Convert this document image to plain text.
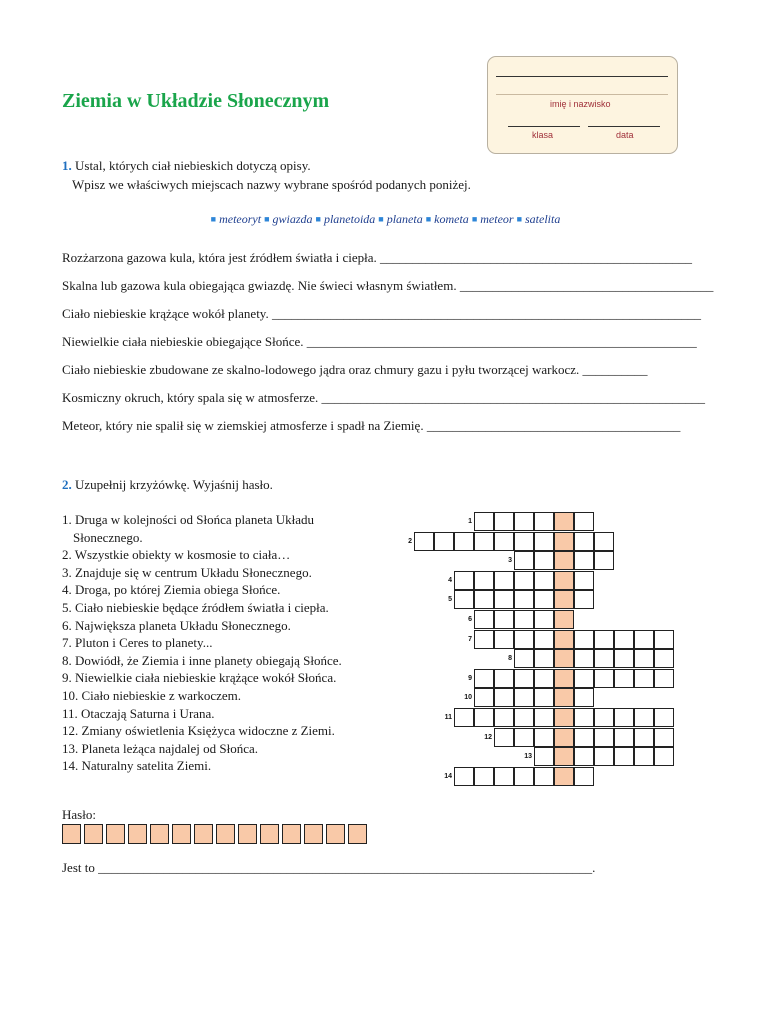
Ziemia w Układzie Słonecznym	imię i nazwisko
klasa	data
1. Ustal, których ciał niebieskich dotyczą opisy.
Wpisz we właściwych miejscach nazwy wybrane spośród podanych poniżej.
■ meteoryt ■ gwiazda ■ planetoida ■ planeta ■ kometa ■ meteor ■ satelita
Rozżarzona gazowa kula, która jest źródłem światła i ciepła. ________________________________________________
Skalna lub gazowa kula obiegająca gwiazdę. Nie świeci własnym światłem. _______________________________________
Ciało niebieskie krążące wokół planety. __________________________________________________________________
Niewielkie ciała niebieskie obiegające Słońce. ____________________________________________________________
Ciało niebieskie zbudowane ze skalno-lodowego jądra oraz chmury gazu i pyłu tworzącej warkocz. __________
Kosmiczny okruch, który spala się w atmosferze. ___________________________________________________________
Meteor, który nie spalił się w ziemskiej atmosferze i spadł na Ziemię. _______________________________________
2. Uzupełnij krzyżówkę. Wyjaśnij hasło.
1. Druga w kolejności od Słońca planeta Układu
Słonecznego.
2. Wszystkie obiekty w kosmosie to ciała…
3. Znajduje się w centrum Układu Słonecznego.
4. Droga, po której Ziemia obiega Słońce.
5. Ciało niebieskie będące źródłem światła i ciepła.
6. Największa planeta Układu Słonecznego.
7. Pluton i Ceres to planety...
8. Dowiódł, że Ziemia i inne planety obiegają Słońce.
9. Niewielkie ciała niebieskie krążące wokół Słońca.
10. Ciało niebieskie z warkoczem.
11. Otaczają Saturna i Urana.
12. Zmiany oświetlenia Księżyca widoczne z Ziemi.
13. Planeta leżąca najdalej od Słońca.
14. Naturalny satelita Ziemi.
1
2
3
4
5
6
7
8
9
10
11
12
13
14
Hasło:
Jest to ____________________________________________________________________________.
